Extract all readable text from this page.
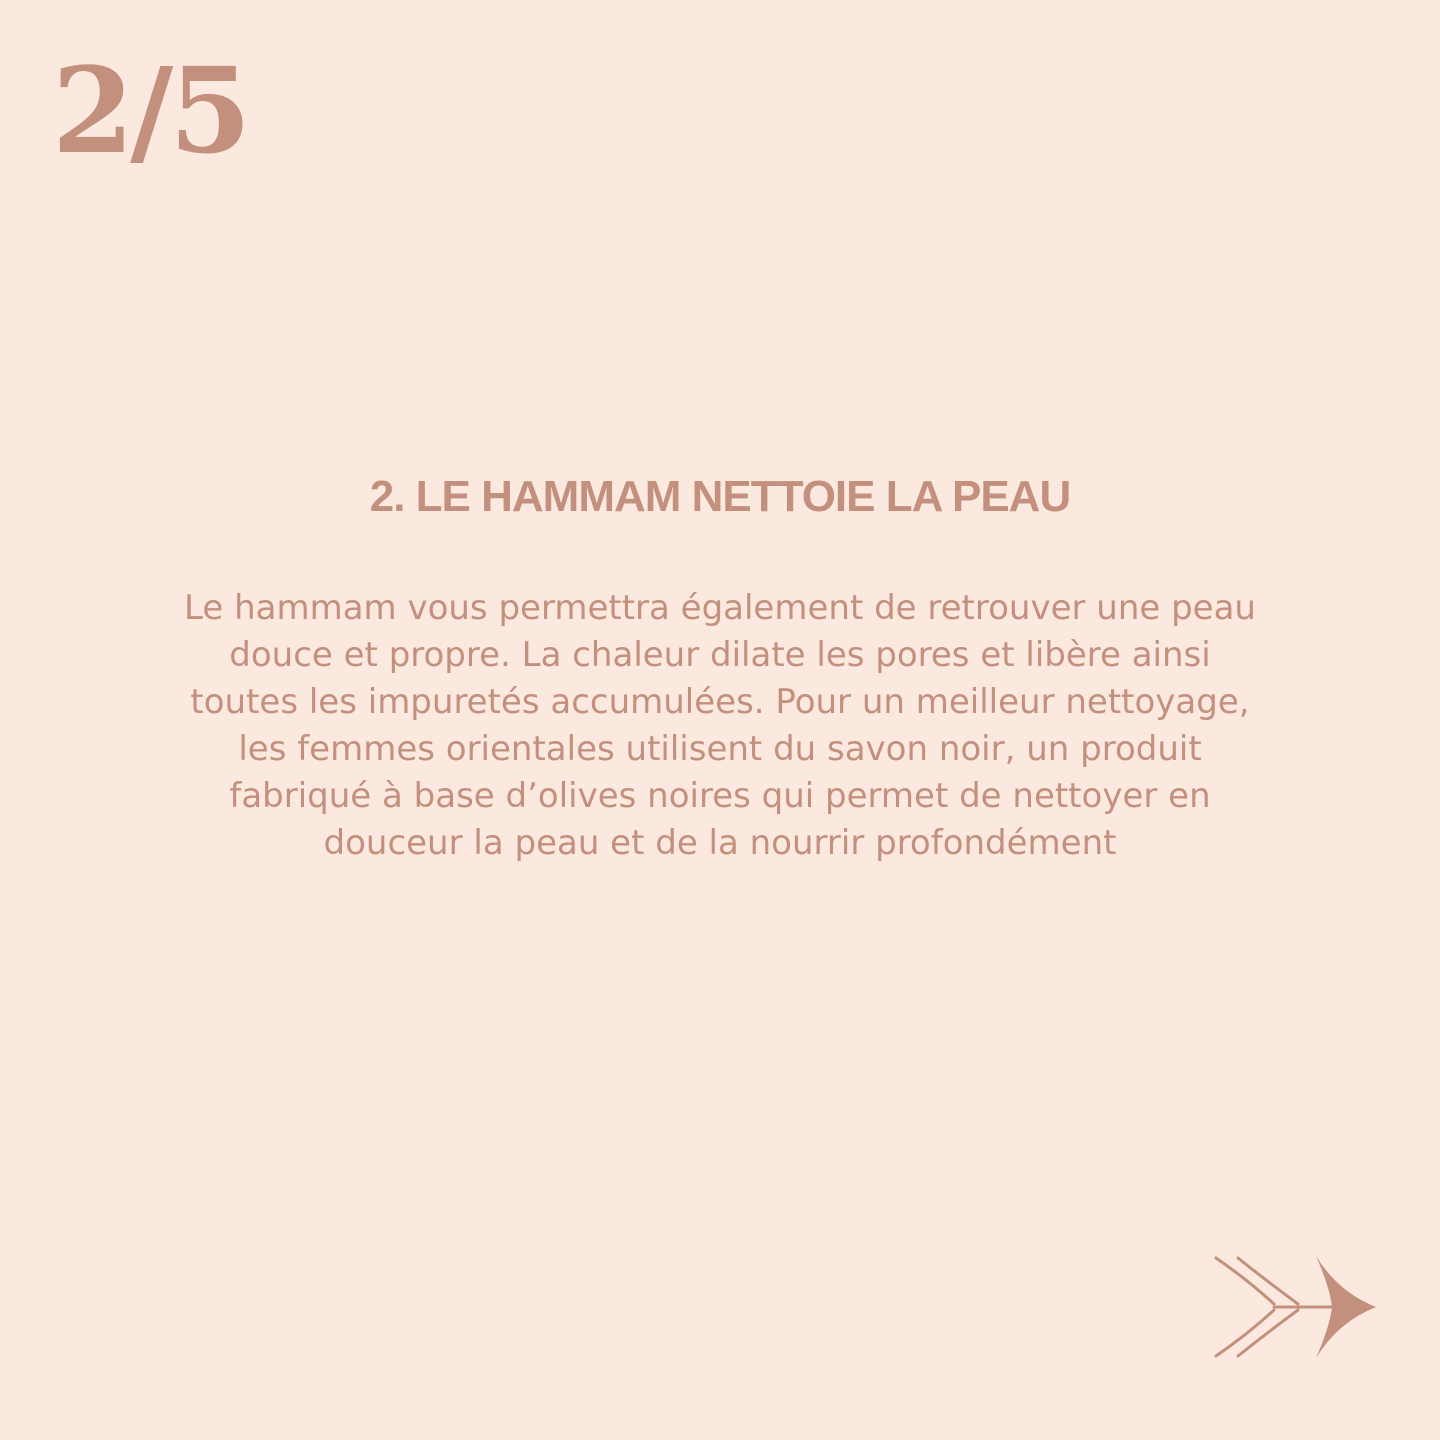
2/5
2. LE HAMMAM NETTOIE LA PEAU

Le hammam vous permettra également de retrouver une peau douce et propre. La chaleur dilate les pores et libère ainsi toutes les impuretés accumulées. Pour un meilleur nettoyage, les femmes orientales utilisent du savon noir, un produit fabriqué à base d’olives noires qui permet de nettoyer en douceur la peau et de la nourrir profondément
